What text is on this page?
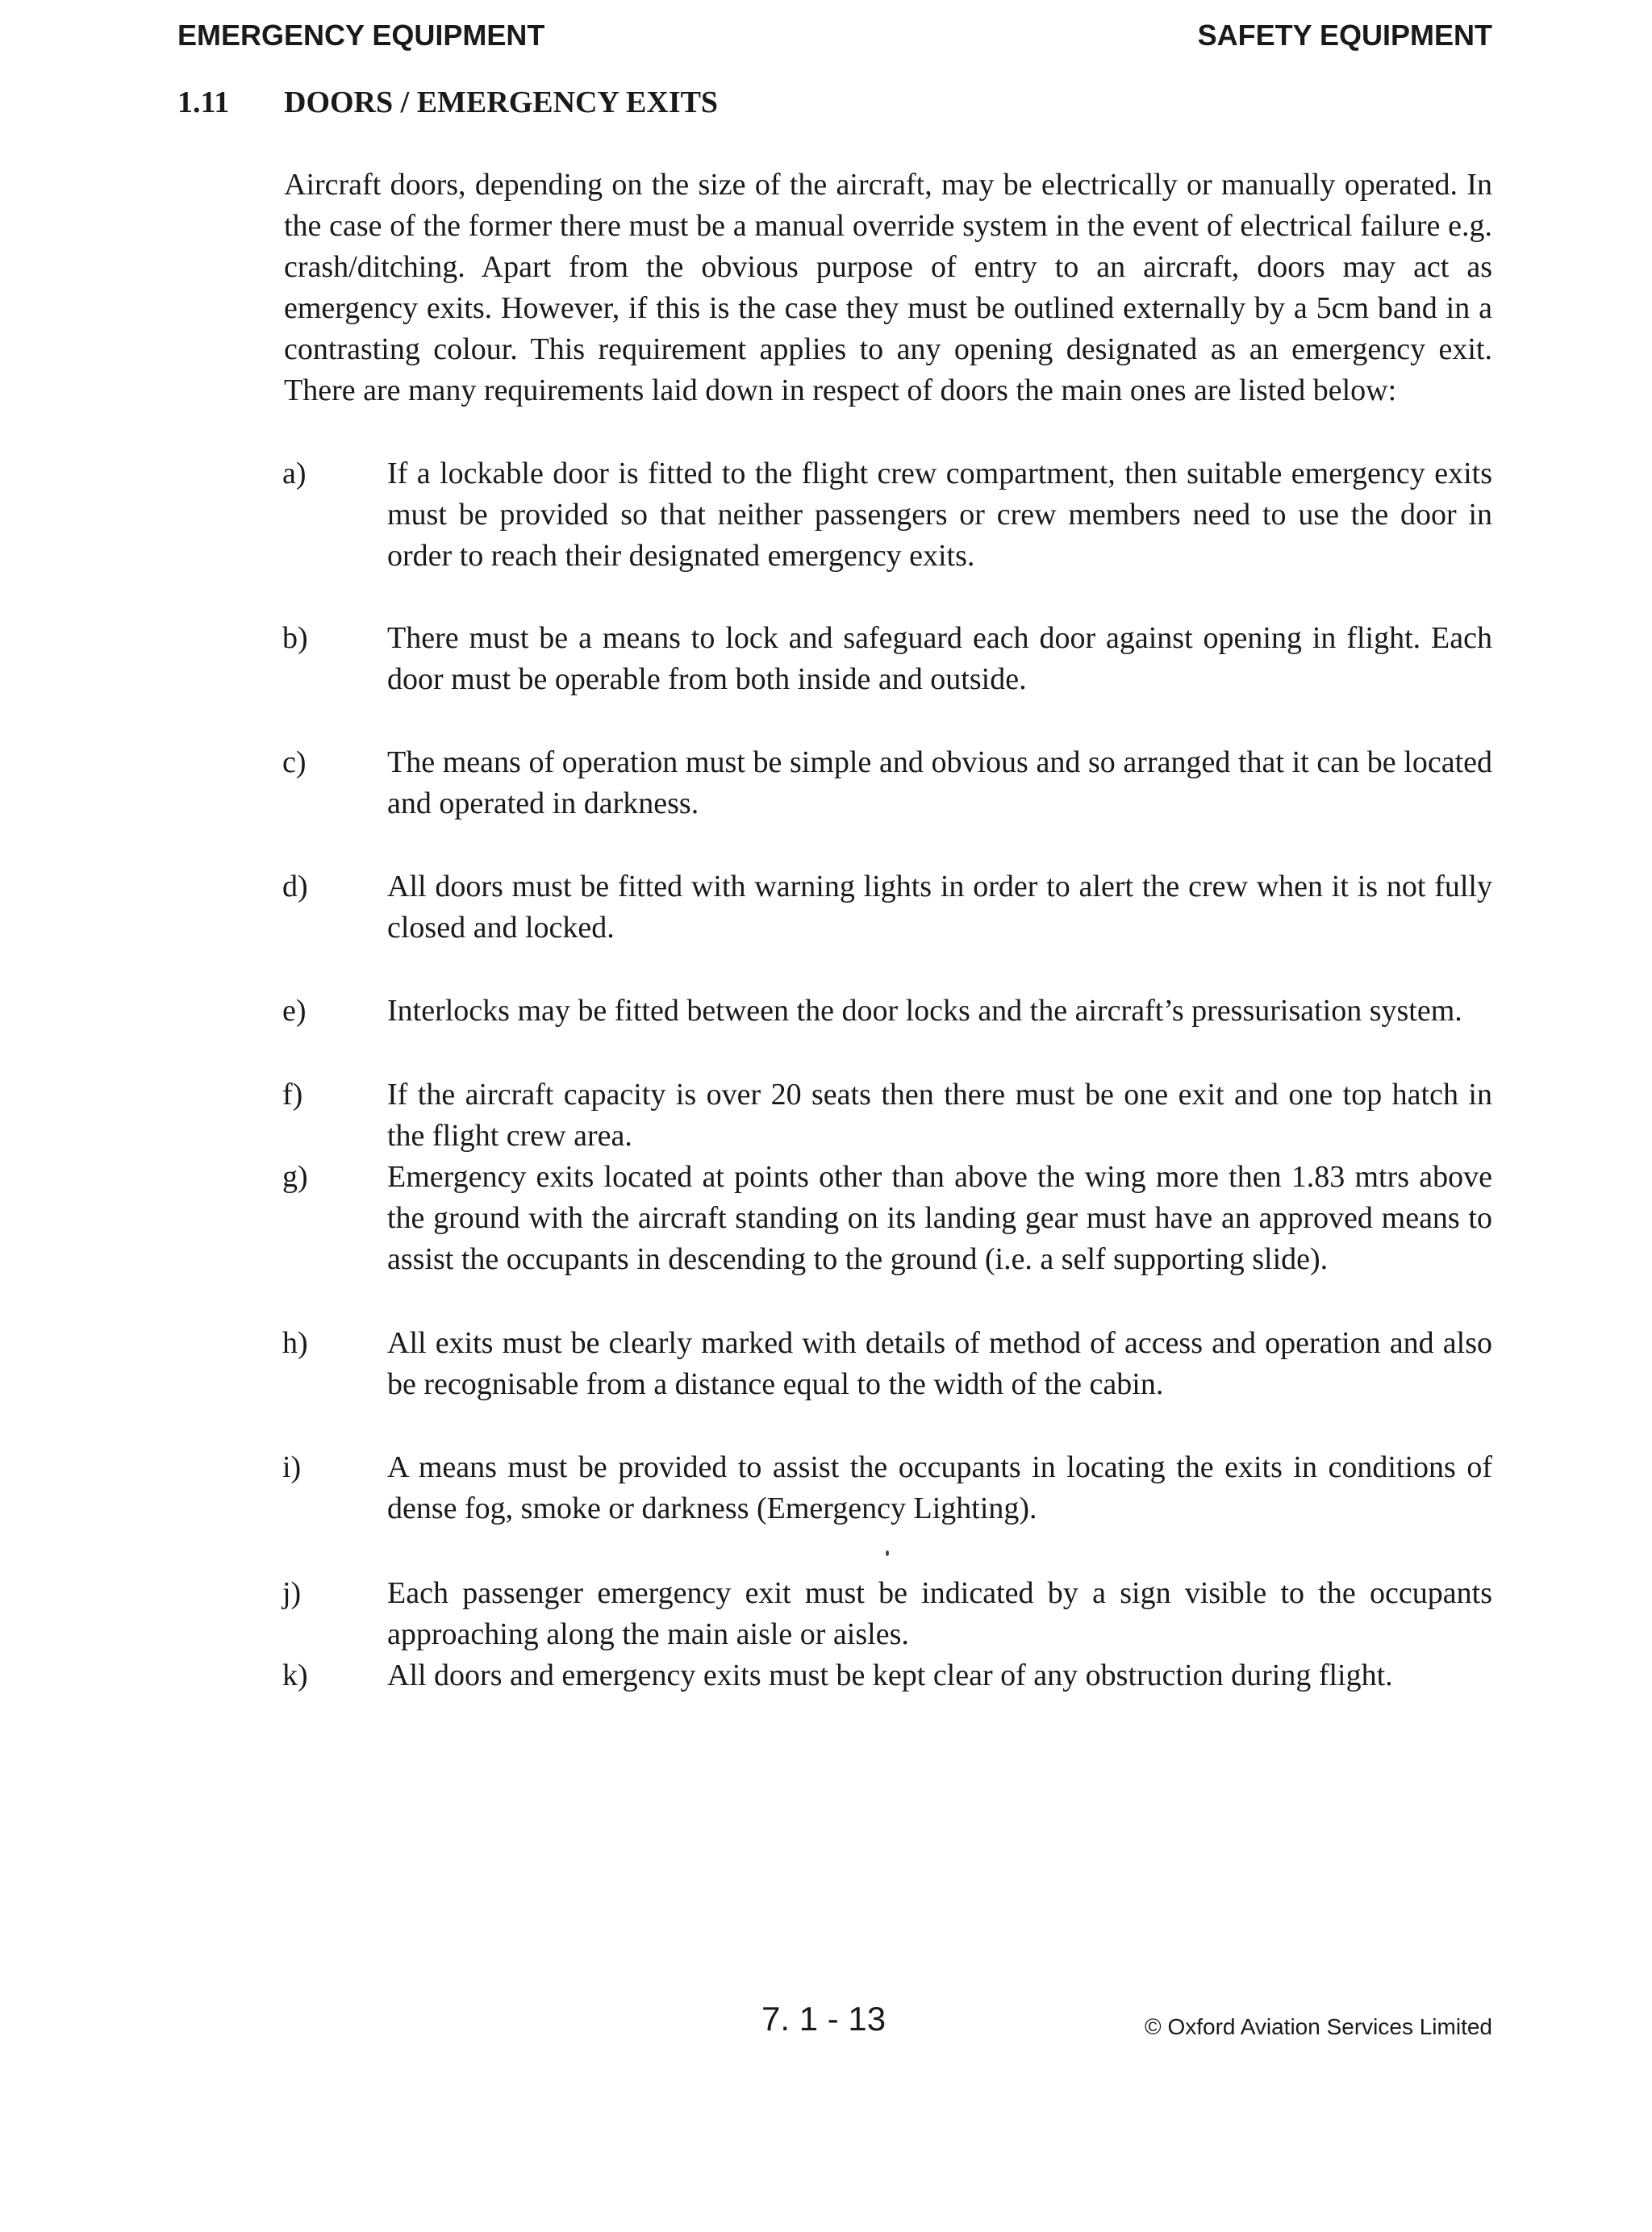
EMERGENCY EQUIPMENT	SAFETY EQUIPMENT
1.11 DOORS / EMERGENCY EXITS

Aircraft doors, depending on the size of the aircraft, may be electrically or manually operated. In the case of the former there must be a manual override system in the event of electrical failure e.g. crash/ditching. Apart from the obvious purpose of entry to an aircraft, doors may act as emergency exits. However, if this is the case they must be outlined externally by a 5cm band in a contrasting colour. This requirement applies to any opening designated as an emergency exit. There are many requirements laid down in respect of doors the main ones are listed below:

a)	If a lockable door is fitted to the flight crew compartment, then suitable emergency exits must be provided so that neither passengers or crew members need to use the door in order to reach their designated emergency exits.

b)	There must be a means to lock and safeguard each door against opening in flight. Each door must be operable from both inside and outside.

c)	The means of operation must be simple and obvious and so arranged that it can be located and operated in darkness.

d)	All doors must be fitted with warning lights in order to alert the crew when it is not fully closed and locked.

e)	Interlocks may be fitted between the door locks and the aircraft’s pressurisation system.

f)	If the aircraft capacity is over 20 seats then there must be one exit and one top hatch in the flight crew area.

g)	Emergency exits located at points other than above the wing more then 1.83 mtrs above the ground with the aircraft standing on its landing gear must have an approved means to assist the occupants in descending to the ground (i.e. a self supporting slide).

h)	All exits must be clearly marked with details of method of access and operation and also be recognisable from a distance equal to the width of the cabin.

i)	A means must be provided to assist the occupants in locating the exits in conditions of dense fog, smoke or darkness (Emergency Lighting).

j)	Each passenger emergency exit must be indicated by a sign visible to the occupants approaching along the main aisle or aisles.

k)	All doors and emergency exits must be kept clear of any obstruction during flight.

7. 1 - 13	© Oxford Aviation Services Limited
